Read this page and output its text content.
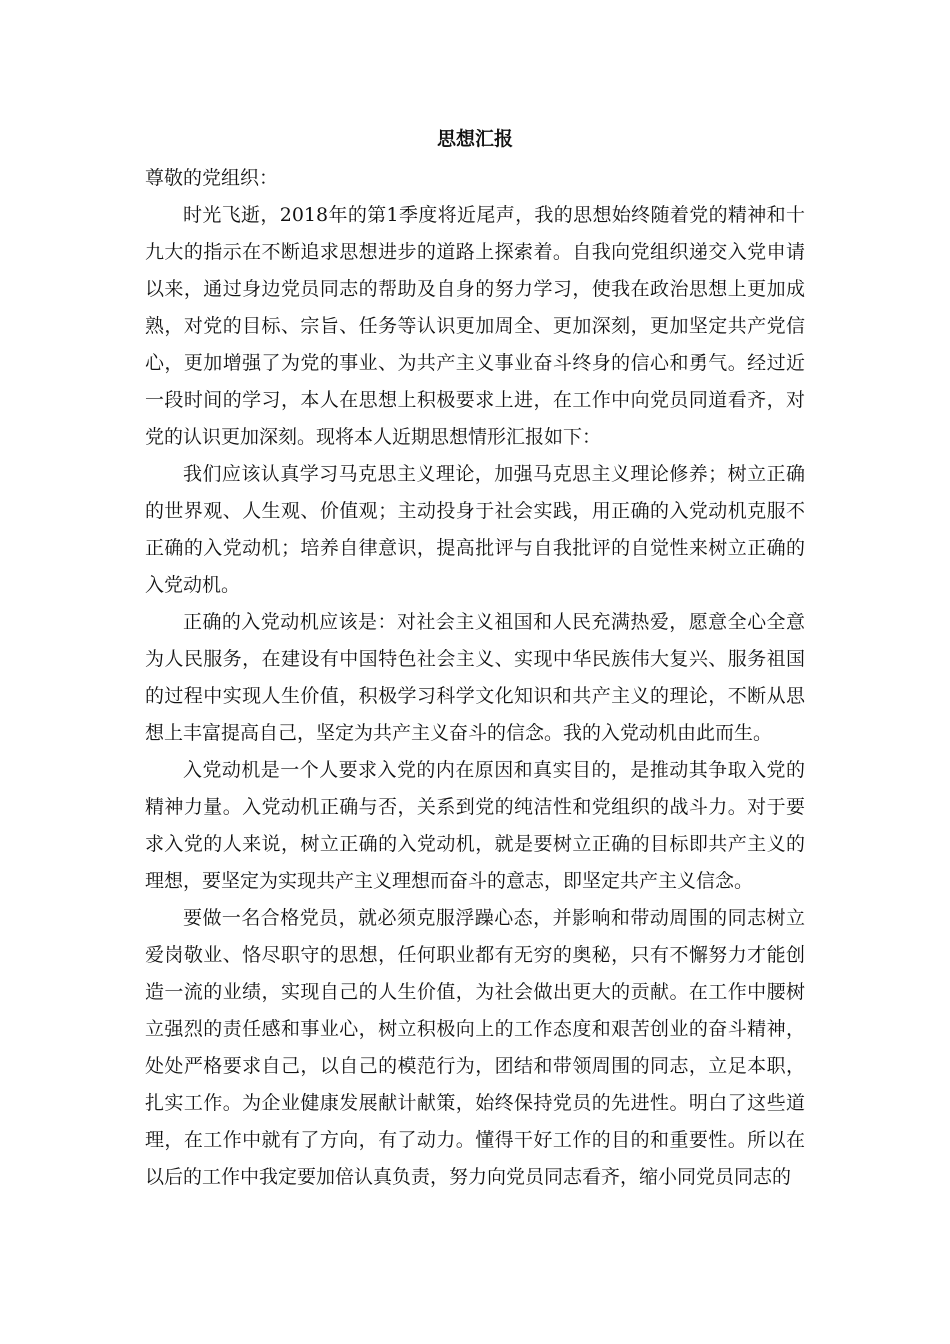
思想汇报

尊敬的党组织：

时光飞逝，2018年的第1季度将近尾声，我的思想始终随着党的精神和十九大的指示在不断追求思想进步的道路上探索着。自我向党组织递交入党申请以来，通过身边党员同志的帮助及自身的努力学习，使我在政治思想上更加成熟，对党的目标、宗旨、任务等认识更加周全、更加深刻，更加坚定共产党信心，更加增强了为党的事业、为共产主义事业奋斗终身的信心和勇气。经过近一段时间的学习，本人在思想上积极要求上进，在工作中向党员同道看齐，对党的认识更加深刻。现将本人近期思想情形汇报如下：

我们应该认真学习马克思主义理论，加强马克思主义理论修养；树立正确的世界观、人生观、价值观；主动投身于社会实践，用正确的入党动机克服不正确的入党动机；培养自律意识，提高批评与自我批评的自觉性来树立正确的入党动机。

正确的入党动机应该是：对社会主义祖国和人民充满热爱，愿意全心全意为人民服务，在建设有中国特色社会主义、实现中华民族伟大复兴、服务祖国的过程中实现人生价值，积极学习科学文化知识和共产主义的理论，不断从思想上丰富提高自己，坚定为共产主义奋斗的信念。我的入党动机由此而生。

入党动机是一个人要求入党的内在原因和真实目的，是推动其争取入党的精神力量。入党动机正确与否，关系到党的纯洁性和党组织的战斗力。对于要求入党的人来说，树立正确的入党动机，就是要树立正确的目标即共产主义的理想，要坚定为实现共产主义理想而奋斗的意志，即坚定共产主义信念。

要做一名合格党员，就必须克服浮躁心态，并影响和带动周围的同志树立爱岗敬业、恪尽职守的思想，任何职业都有无穷的奥秘，只有不懈努力才能创造一流的业绩，实现自己的人生价值，为社会做出更大的贡献。在工作中腰树立强烈的责任感和事业心，树立积极向上的工作态度和艰苦创业的奋斗精神，处处严格要求自己，以自己的模范行为，团结和带领周围的同志，立足本职，扎实工作。为企业健康发展献计献策，始终保持党员的先进性。明白了这些道理，在工作中就有了方向，有了动力。懂得干好工作的目的和重要性。所以在以后的工作中我定要加倍认真负责，努力向党员同志看齐，缩小同党员同志的
